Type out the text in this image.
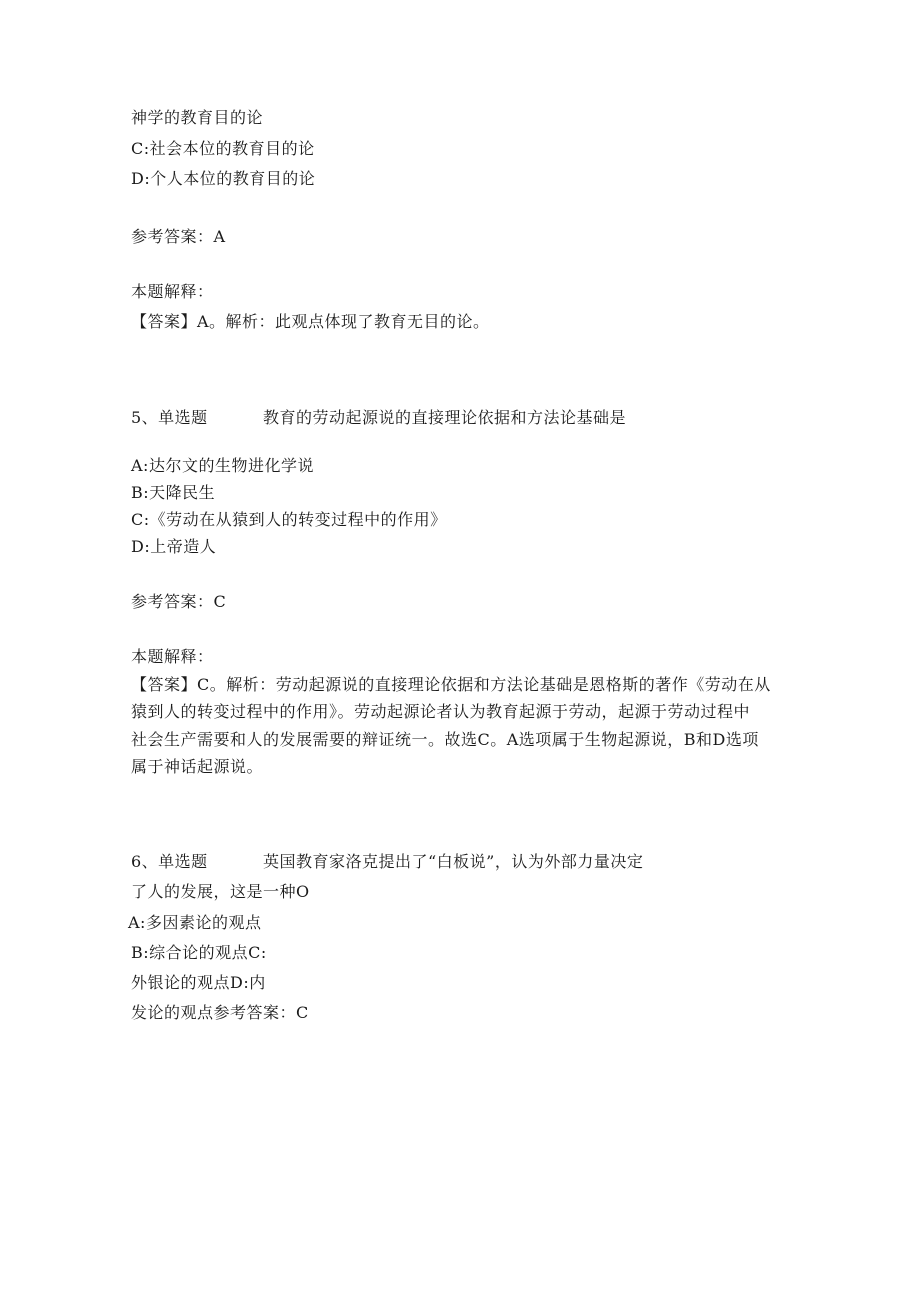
神学的教育目的论
C:社会本位的教育目的论
D:个人本位的教育目的论
参考答案：A
本题解释：
【答案】A。解析：此观点体现了教育无目的论。
5、单选题	教育的劳动起源说的直接理论依据和方法论基础是
A:达尔文的生物进化学说
B:天降民生
C:《劳动在从猿到人的转变过程中的作用》
D:上帝造人
参考答案：C
本题解释：
【答案】C。解析：劳动起源说的直接理论依据和方法论基础是恩格斯的著作《劳动在从
猿到人的转变过程中的作用》。劳动起源论者认为教育起源于劳动，起源于劳动过程中
社会生产需要和人的发展需要的辩证统一。故选C。A选项属于生物起源说，B和D选项
属于神话起源说。
6、单选题	英国教育家洛克提出了“白板说”，认为外部力量决定
了人的发展，这是一种O
A:多因素论的观点
B:综合论的观点C:
外银论的观点D:内
发论的观点参考答案：C
